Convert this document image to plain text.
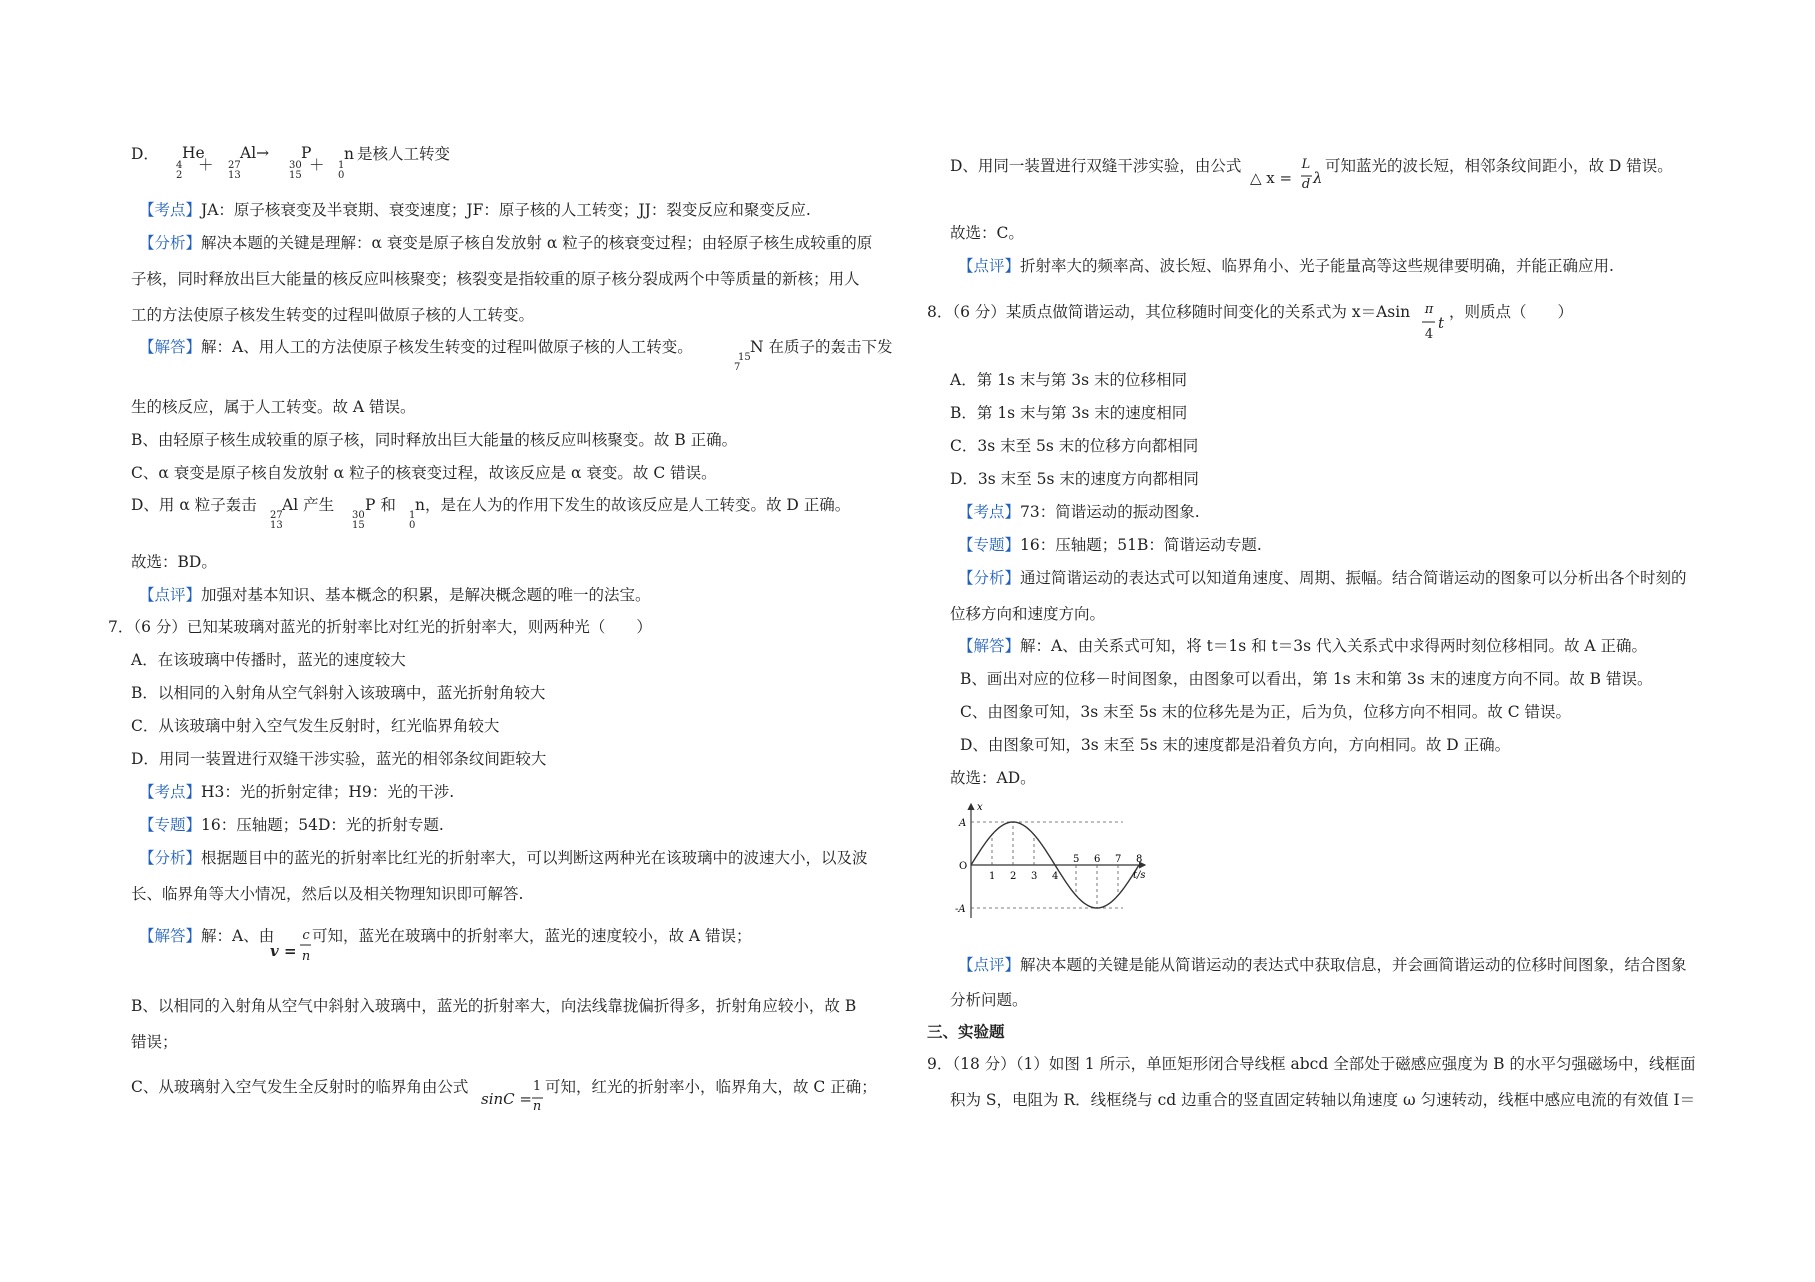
D． He
4
2
＋
Al→
27
13
P
30
15
＋
n
1
0
是核人工转变
【考点】JA：原子核衰变及半衰期、衰变速度；JF：原子核的人工转变；JJ：裂变反应和聚变反应.
【分析】解决本题的关键是理解：α 衰变是原子核自发放射 α 粒子的核衰变过程；由轻原子核生成较重的原
子核，同时释放出巨大能量的核反应叫核聚变；核裂变是指较重的原子核分裂成两个中等质量的新核；用人
工的方法使原子核发生转变的过程叫做原子核的人工转变。
【解答】解：A、用人工的方法使原子核发生转变的过程叫做原子核的人工转变。	N 在质子的轰击下发
15
7
生的核反应，属于人工转变。故 A 错误。
B、由轻原子核生成较重的原子核，同时释放出巨大能量的核反应叫核聚变。故 B 正确。
C、α 衰变是原子核自发放射 α 粒子的核衰变过程，故该反应是 α 衰变。故 C 错误。
D、用 α 粒子轰击 Al 产生
27
13
P 和
30
15
n，是在人为的作用下发生的故该反应是人工转变。故 D 正确。
1
0
故选：BD。
【点评】加强对基本知识、基本概念的积累，是解决概念题的唯一的法宝。
7．（6 分）已知某玻璃对蓝光的折射率比对红光的折射率大，则两种光（　　）
A．在该玻璃中传播时，蓝光的速度较大
B．以相同的入射角从空气斜射入该玻璃中，蓝光折射角较大
C．从该玻璃中射入空气发生反射时，红光临界角较大
D．用同一装置进行双缝干涉实验，蓝光的相邻条纹间距较大
【考点】H3：光的折射定律；H9：光的干涉.
【专题】16：压轴题；54D：光的折射专题.
【分析】根据题目中的蓝光的折射率比红光的折射率大，可以判断这两种光在该玻璃中的波速大小，以及波
长、临界角等大小情况，然后以及相关物理知识即可解答.
【解答】解：A、由
v =
c
n
可知，蓝光在玻璃中的折射率大，蓝光的速度较小，故 A 错误；
B、以相同的入射角从空气中斜射入玻璃中，蓝光的折射率大，向法线靠拢偏折得多，折射角应较小，故 B
错误；
C、从玻璃射入空气发生全反射时的临界角由公式
sinC =
1
n
可知，红光的折射率小，临界角大，故 C 正确；
D、用同一装置进行双缝干涉实验，由公式
△ x =
L
d λ
可知蓝光的波长短，相邻条纹间距小，故 D 错误。
故选：C。
【点评】折射率大的频率高、波长短、临界角小、光子能量高等这些规律要明确，并能正确应用.
8．（6 分）某质点做简谐运动，其位移随时间变化的关系式为 x＝Asin π
4
t
，则质点（　　）
A．第 1s 末与第 3s 末的位移相同
B．第 1s 末与第 3s 末的速度相同
C．3s 末至 5s 末的位移方向都相同
D．3s 末至 5s 末的速度方向都相同
【考点】73：简谐运动的振动图象.
【专题】16：压轴题；51B：简谐运动专题.
【分析】通过简谐运动的表达式可以知道角速度、周期、振幅。结合简谐运动的图象可以分析出各个时刻的
位移方向和速度方向。
【解答】解：A、由关系式可知，将 t＝1s 和 t＝3s 代入关系式中求得两时刻位移相同。故 A 正确。
B、画出对应的位移－时间图象，由图象可以看出，第 1s 末和第 3s 末的速度方向不同。故 B 错误。
C、由图象可知，3s 末至 5s 末的位移先是为正，后为负，位移方向不相同。故 C 错误。
D、由图象可知，3s 末至 5s 末的速度都是沿着负方向，方向相同。故 D 正确。
故选：AD。
x
A
O
-A
t/s
1 2 3 4
5 6 7 8
【点评】解决本题的关键是能从简谐运动的表达式中获取信息，并会画简谐运动的位移时间图象，结合图象
分析问题。
三、实验题
9．（18 分）（1）如图 1 所示，单匝矩形闭合导线框 abcd 全部处于磁感应强度为 B 的水平匀强磁场中，线框面
积为 S，电阻为 R．线框绕与 cd 边重合的竖直固定转轴以角速度 ω 匀速转动，线框中感应电流的有效值 I＝
